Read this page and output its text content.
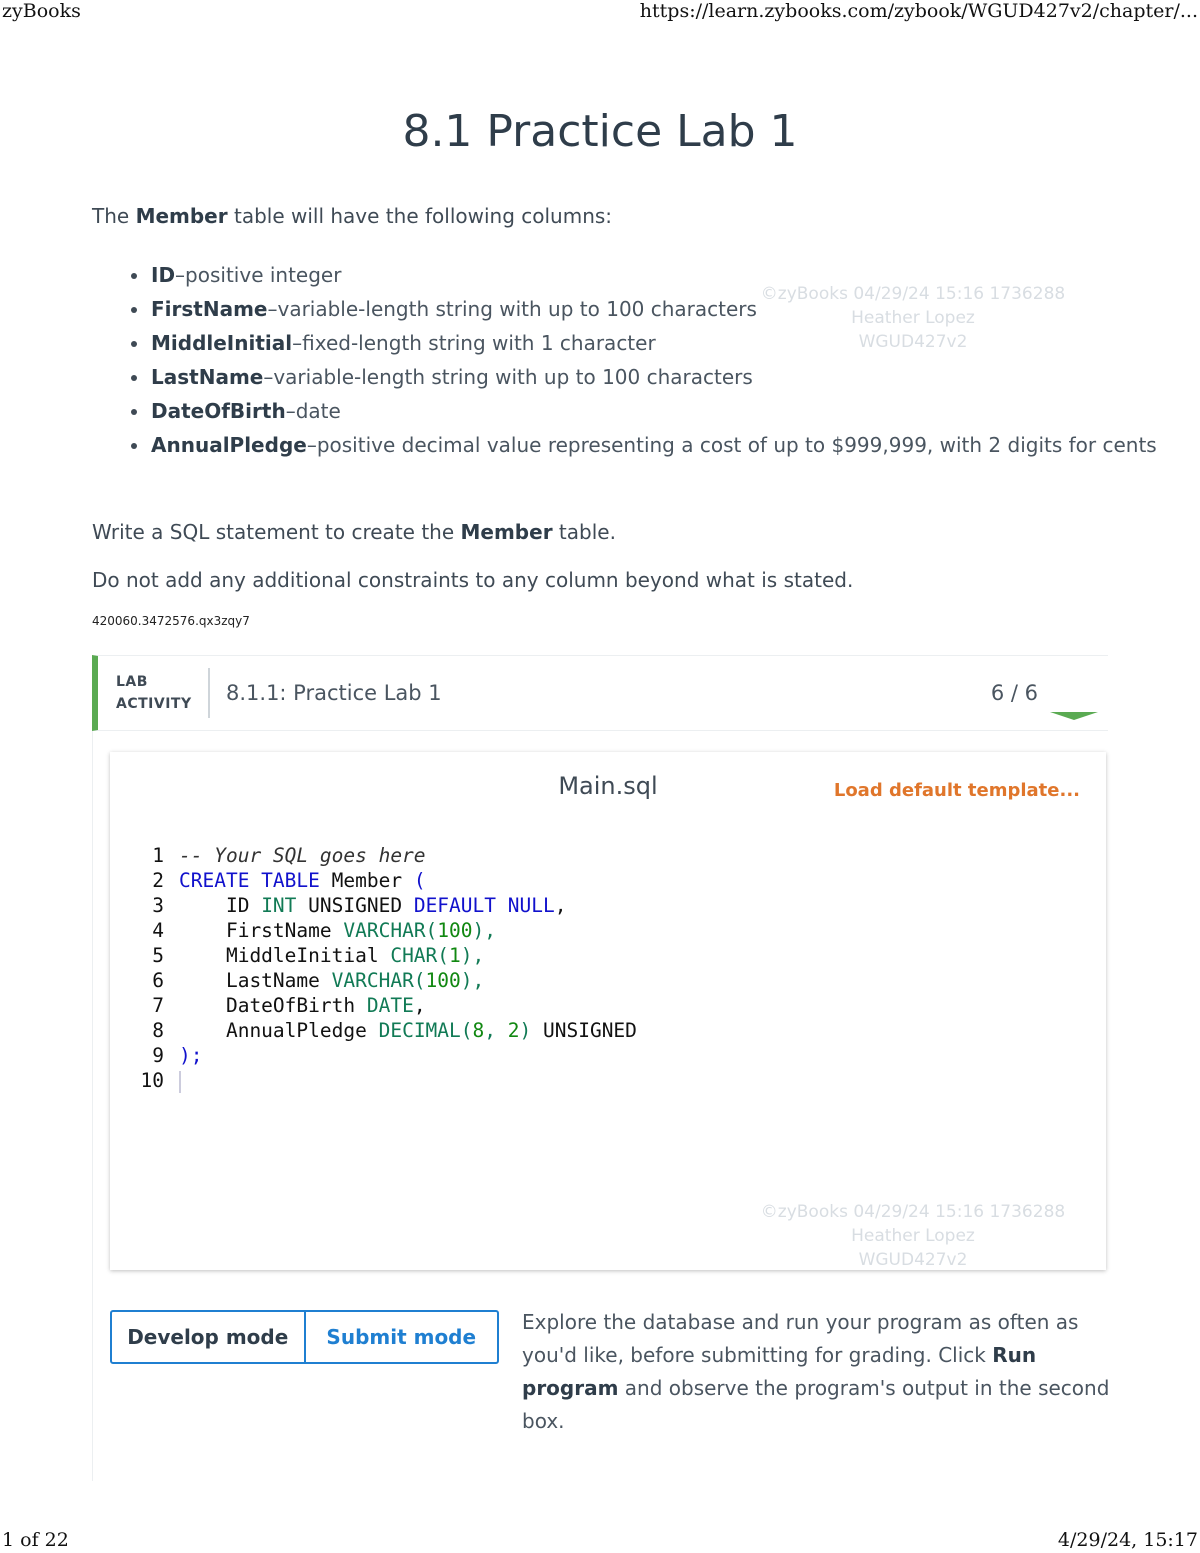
zyBooks	https://learn.zybooks.com/zybook/WGUD427v2/chapter/...
8.1 Practice Lab 1
The Member table will have the following columns:
ID–positive integer
FirstName–variable-length string with up to 100 characters
MiddleInitial–fixed-length string with 1 character
LastName–variable-length string with up to 100 characters
DateOfBirth–date
AnnualPledge–positive decimal value representing a cost of up to $999,999, with 2 digits for cents
©zyBooks 04/29/24 15:16 1736288
Heather Lopez
WGUD427v2
Write a SQL statement to create the Member table.
Do not add any additional constraints to any column beyond what is stated.
420060.3472576.qx3zqy7
LAB
ACTIVITY 8.1.1: Practice Lab 1	6 / 6
Main.sql	Load default template...
1 -- Your SQL goes here
2 CREATE TABLE Member (
3    ID INT UNSIGNED DEFAULT NULL,
4    FirstName VARCHAR(100),
5    MiddleInitial CHAR(1),
6    LastName VARCHAR(100),
7    DateOfBirth DATE,
8    AnnualPledge DECIMAL(8, 2) UNSIGNED
9 );
10
©zyBooks 04/29/24 15:16 1736288
Heather Lopez
WGUD427v2
Develop mode	Submit mode
Explore the database and run your program as often as you'd like, before submitting for grading. Click Run program and observe the program's output in the second box.
1 of 22	4/29/24, 15:17
